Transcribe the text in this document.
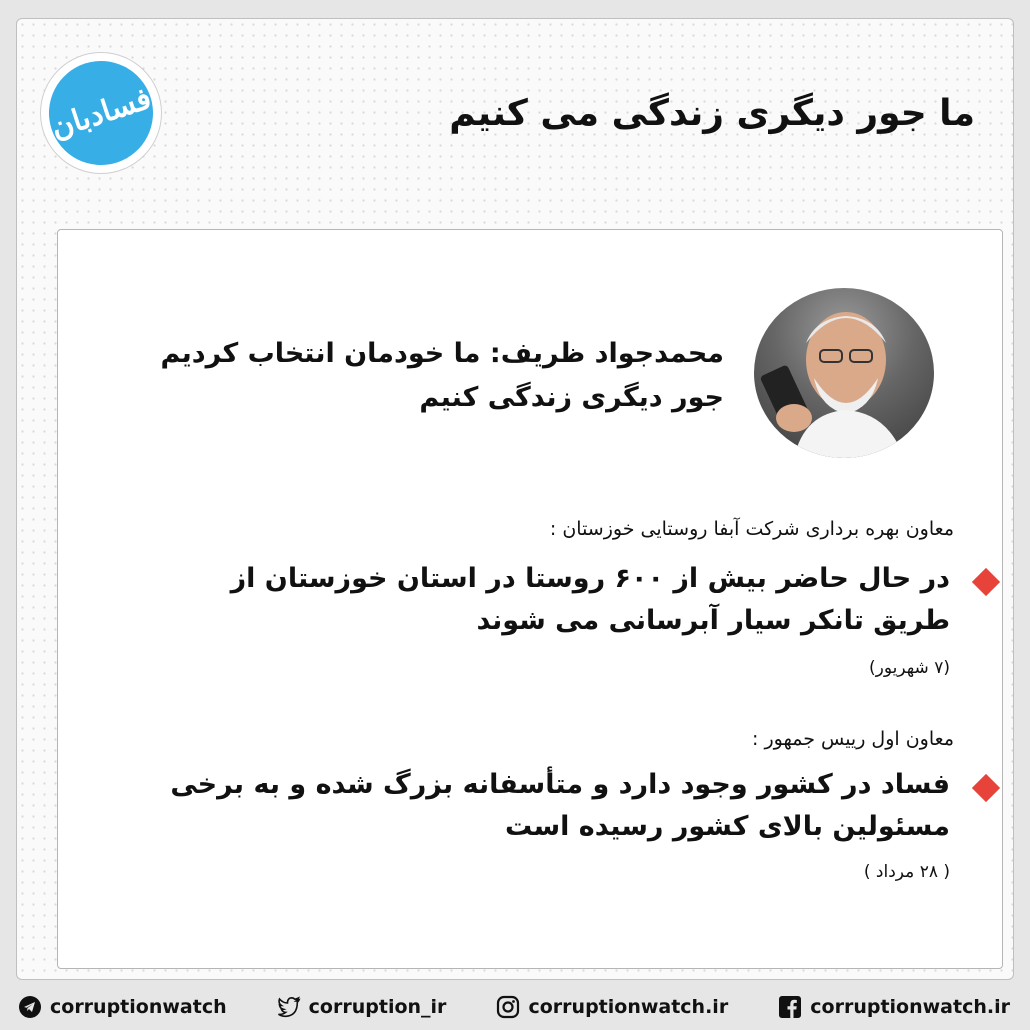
فسادبان	ما جور دیگری زندگی می کنیم

محمدجواد ظریف: ما خودمان انتخاب کردیم جور دیگری زندگی کنیم

معاون بهره برداری شرکت آبفا روستایی خوزستان :

در حال حاضر بیش از ۶۰۰ روستا در استان خوزستان از طریق تانکر سیار آبرسانی می شوند

(۷ شهریور)

معاون اول رییس جمهور :

فساد در کشور وجود دارد و متأسفانه بزرگ شده و به برخی مسئولین بالای کشور رسیده است

( ۲۸ مرداد )

corruptionwatch	corruption_ir	corruptionwatch.ir	corruptionwatch.ir
